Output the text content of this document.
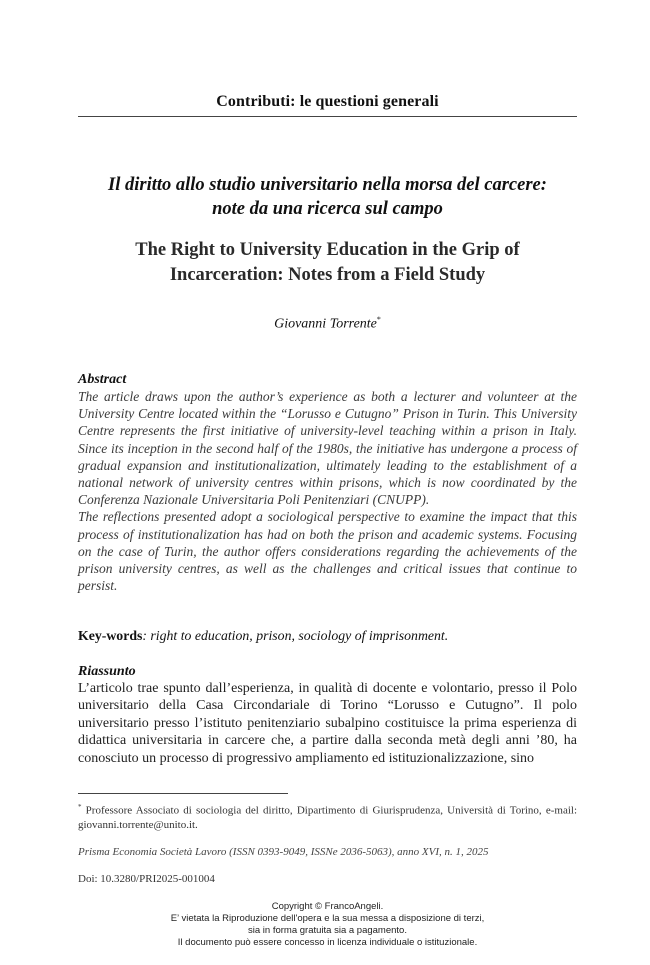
Contributi: le questioni generali
Il diritto allo studio universitario nella morsa del carcere:
note da una ricerca sul campo
The Right to University Education in the Grip of
Incarceration: Notes from a Field Study
Giovanni Torrente*
Abstract

The article draws upon the author’s experience as both a lecturer and volunteer at the University Centre located within the “Lorusso e Cutugno” Prison in Turin. This University Centre represents the first initiative of university-level teaching within a prison in Italy. Since its inception in the second half of the 1980s, the initiative has undergone a process of gradual expansion and institutionalization, ultimately leading to the establishment of a national network of university centres within prisons, which is now coordinated by the Conferenza Nazionale Universitaria Poli Penitenziari (CNUPP).

The reflections presented adopt a sociological perspective to examine the impact that this process of institutionalization has had on both the prison and academic systems. Focusing on the case of Turin, the author offers considerations regarding the achievements of the prison university centres, as well as the challenges and critical issues that continue to persist.

Key-words: right to education, prison, sociology of imprisonment.
Riassunto

L’articolo trae spunto dall’esperienza, in qualità di docente e volontario, presso il Polo universitario della Casa Circondariale di Torino “Lorusso e Cutugno”. Il polo universitario presso l’istituto penitenziario subalpino costituisce la prima esperienza di didattica universitaria in carcere che, a partire dalla seconda metà degli anni ’80, ha conosciuto un processo di progressivo ampliamento ed istituzionalizzazione, sino

* Professore Associato di sociologia del diritto, Dipartimento di Giurisprudenza, Università di Torino, e-mail: giovanni.torrente@unito.it.
Prisma Economia Società Lavoro (ISSN 0393-9049, ISSNe 2036-5063), anno XVI, n. 1, 2025
Doi: 10.3280/PRI2025-001004
Copyright © FrancoAngeli.
E’ vietata la Riproduzione dell'opera e la sua messa a disposizione di terzi,
sia in forma gratuita sia a pagamento.
Il documento può essere concesso in licenza individuale o istituzionale.
